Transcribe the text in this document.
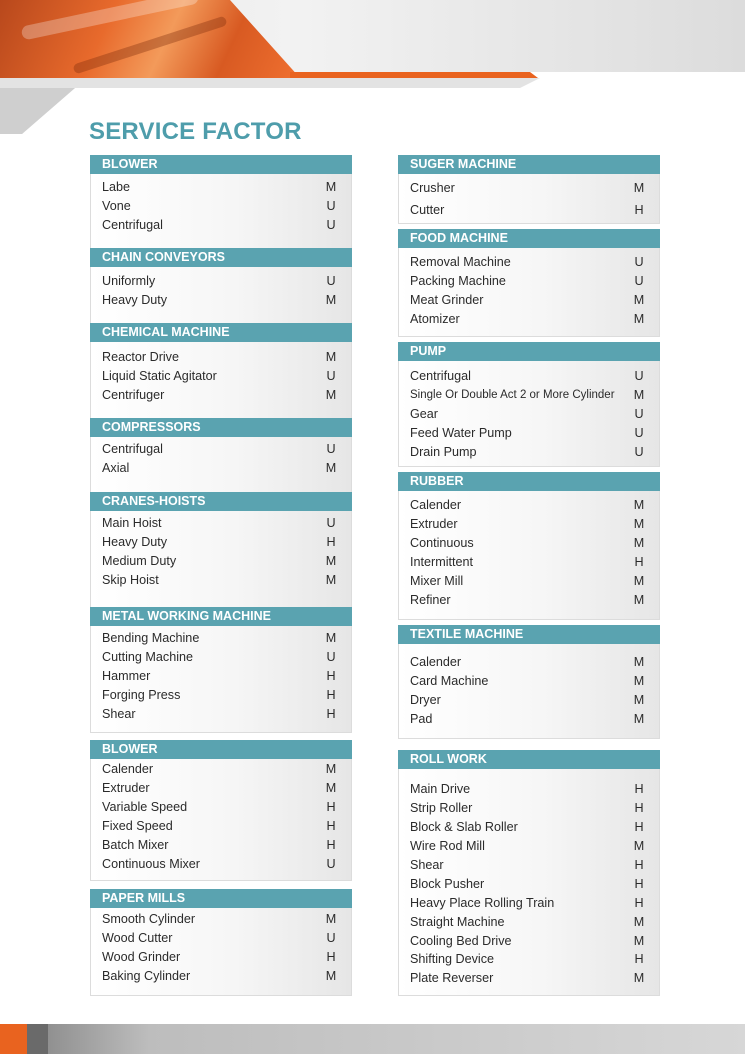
SERVICE FACTOR
BLOWER
Labe	M
Vone	U
Centrifugal	U
CHAIN CONVEYORS
Uniformly	U
Heavy Duty	M
CHEMICAL MACHINE
Reactor Drive	M
Liquid Static Agitator	U
Centrifuger	M
COMPRESSORS
Centrifugal	U
Axial	M
CRANES-HOISTS
Main Hoist	U
Heavy Duty	H
Medium Duty	M
Skip Hoist	M
METAL WORKING MACHINE
Bending Machine	M
Cutting Machine	U
Hammer	H
Forging Press	H
Shear	H
BLOWER
Calender	M
Extruder	M
Variable Speed	H
Fixed Speed	H
Batch Mixer	H
Continuous Mixer	U
PAPER MILLS
Smooth Cylinder	M
Wood Cutter	U
Wood Grinder	H
Baking Cylinder	M
SUGER MACHINE
Crusher	M
Cutter	H
FOOD MACHINE
Removal Machine	U
Packing Machine	U
Meat Grinder	M
Atomizer	M
PUMP
Centrifugal	U
Single Or Double Act 2 or More Cylinder M
Gear	U
Feed Water Pump	U
Drain Pump	U
RUBBER
Calender	M
Extruder	M
Continuous	M
Intermittent	H
Mixer Mill	M
Refiner	M
TEXTILE MACHINE
Calender	M
Card Machine	M
Dryer	M
Pad	M
ROLL WORK
Main Drive	H
Strip Roller	H
Block & Slab Roller	H
Wire Rod Mill	M
Shear	H
Block Pusher	H
Heavy Place Rolling Train	H
Straight Machine	M
Cooling Bed Drive	M
Shifting Device	H
Plate Reverser	M
